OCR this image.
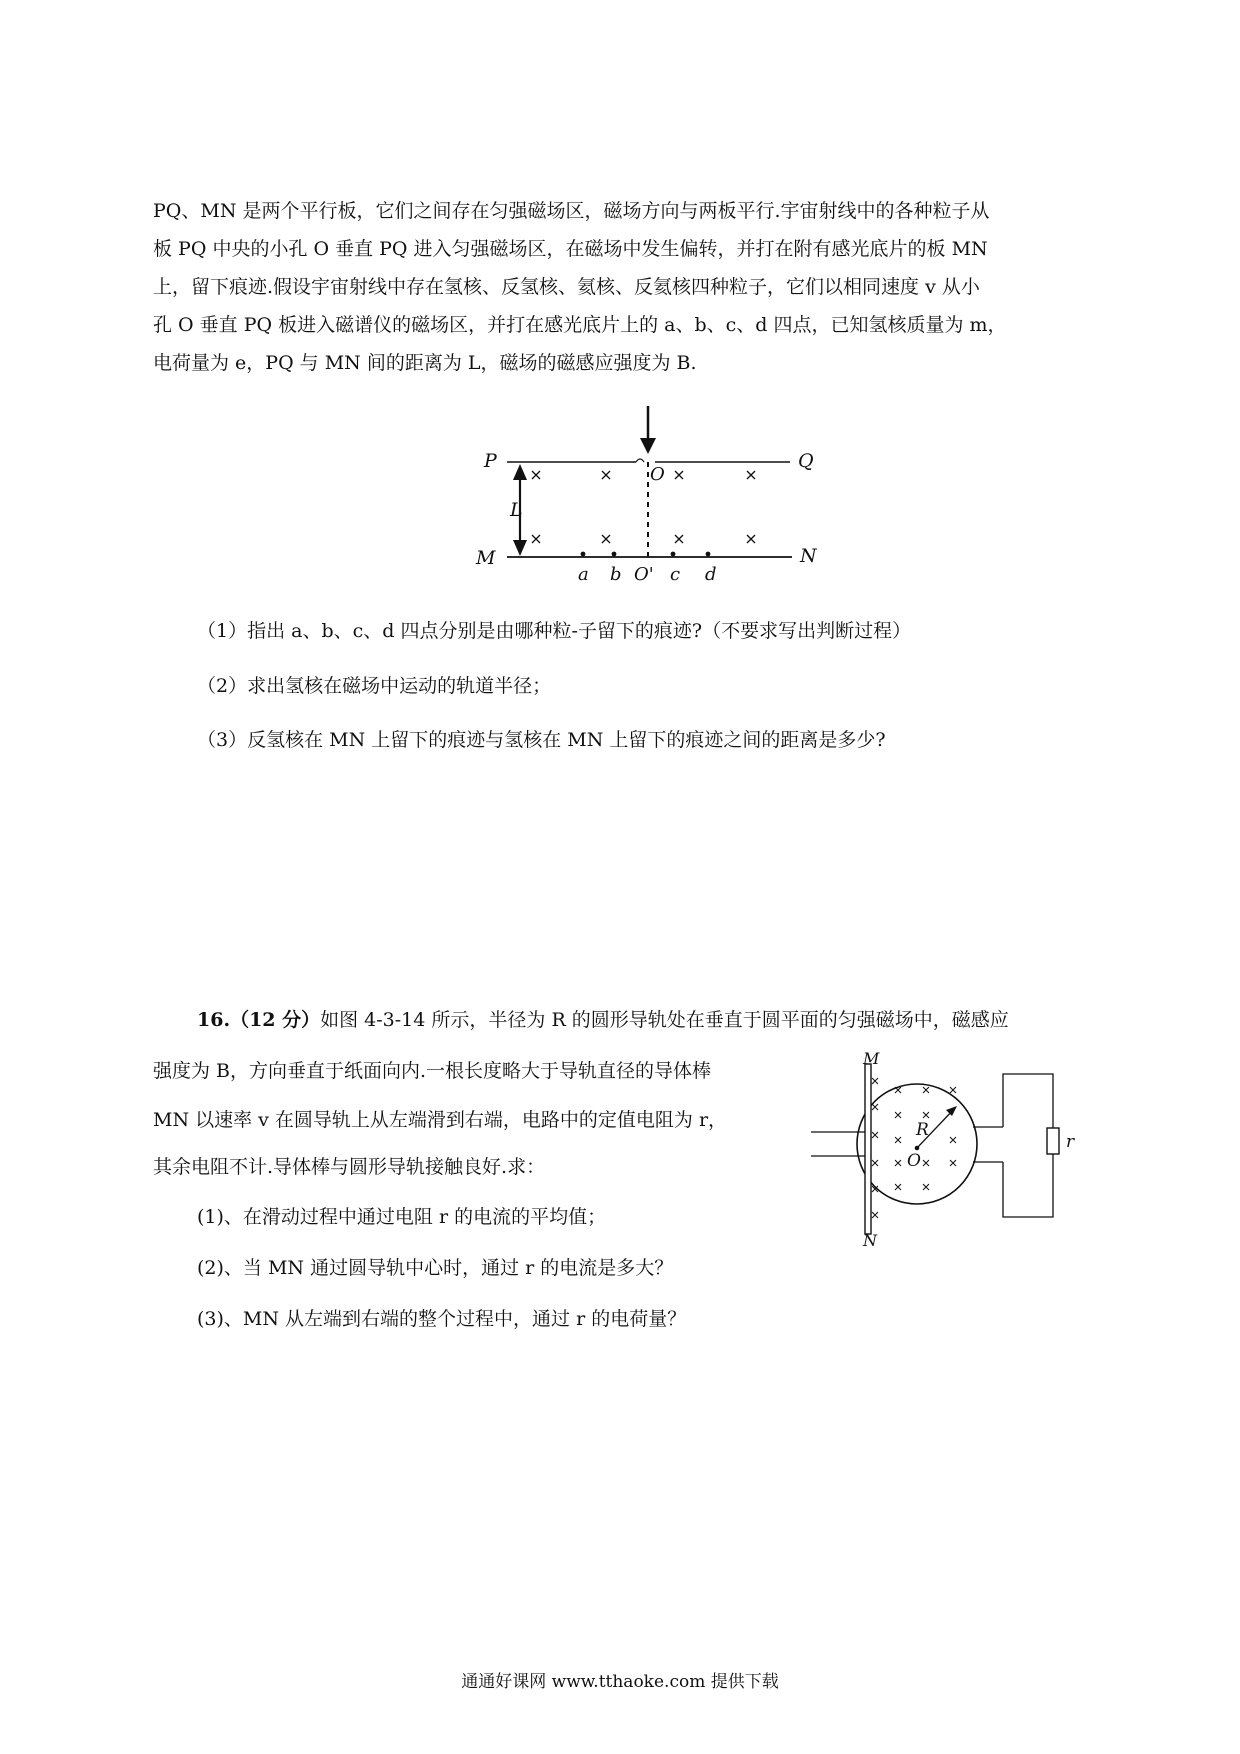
PQ、MN 是两个平行板，它们之间存在匀强磁场区，磁场方向与两板平行.宇宙射线中的各种粒子从

板 PQ 中央的小孔 O 垂直 PQ 进入匀强磁场区，在磁场中发生偏转，并打在附有感光底片的板 MN

上，留下痕迹.假设宇宙射线中存在氢核、反氢核、氦核、反氦核四种粒子，它们以相同速度 v 从小

孔 O 垂直 PQ 板进入磁谱仪的磁场区，并打在感光底片上的 a、b、c、d 四点，已知氢核质量为 m，

电荷量为 e，PQ 与 MN 间的距离为 L，磁场的磁感应强度为 B.

P	Q
O
L
M	N
a b O' c d

（1）指出 a、b、c、d 四点分别是由哪种粒-子留下的痕迹?（不要求写出判断过程）

（2）求出氢核在磁场中运动的轨道半径；

（3）反氢核在 MN 上留下的痕迹与氢核在 MN 上留下的痕迹之间的距离是多少?

16.（12 分）如图 4-3-14 所示，半径为 R 的圆形导轨处在垂直于圆平面的匀强磁场中，磁感应

强度为 B，方向垂直于纸面向内.一根长度略大于导轨直径的导体棒

MN 以速率 v 在圆导轨上从左端滑到右端，电路中的定值电阻为 r，

其余电阻不计.导体棒与圆形导轨接触良好.求：

(1)、在滑动过程中通过电阻 r 的电流的平均值；

(2)、当 MN 通过圆导轨中心时，通过 r 的电流是多大？

(3)、MN 从左端到右端的整个过程中，通过 r 的电荷量？

M
N
R
O
r
通通好课网 www.tthaoke.com 提供下载
